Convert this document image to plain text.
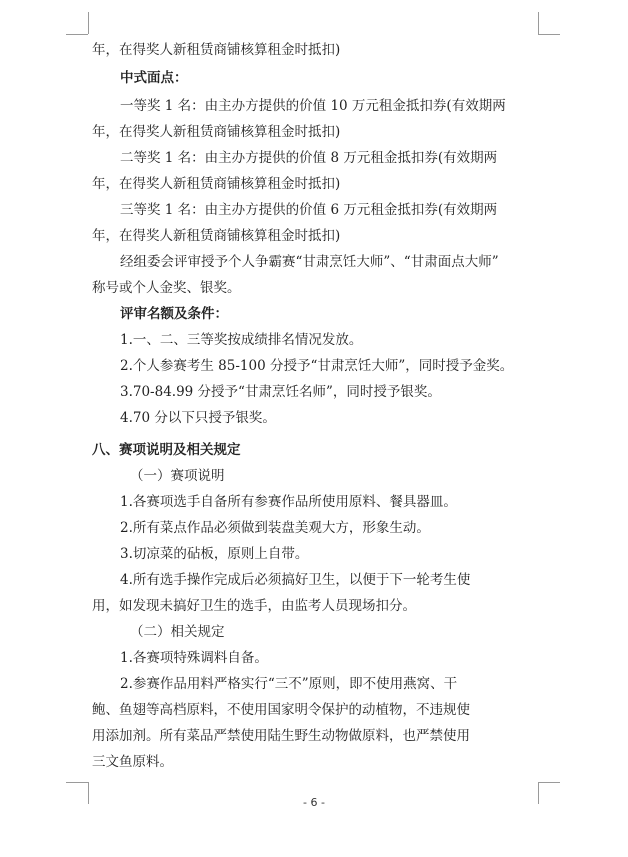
年，在得奖人新租赁商铺核算租金时抵扣)
中式面点：
一等奖 1 名：由主办方提供的价值 10 万元租金抵扣券(有效期两
年，在得奖人新租赁商铺核算租金时抵扣)
二等奖 1 名：由主办方提供的价值 8 万元租金抵扣券(有效期两
年，在得奖人新租赁商铺核算租金时抵扣)
三等奖 1 名：由主办方提供的价值 6 万元租金抵扣券(有效期两
年，在得奖人新租赁商铺核算租金时抵扣)
经组委会评审授予个人争霸赛“甘肃烹饪大师”、“甘肃面点大师”
称号或个人金奖、银奖。
评审名额及条件：
1.一、二、三等奖按成绩排名情况发放。
2.个人参赛考生 85-100 分授予“甘肃烹饪大师”，同时授予金奖。
3.70-84.99 分授予“甘肃烹饪名师”，同时授予银奖。
4.70 分以下只授予银奖。
八、赛项说明及相关规定
（一）赛项说明
1.各赛项选手自备所有参赛作品所使用原料、餐具器皿。
2.所有菜点作品必须做到装盘美观大方，形象生动。
3.切凉菜的砧板，原则上自带。
4.所有选手操作完成后必须搞好卫生，以便于下一轮考生使
用，如发现未搞好卫生的选手，由监考人员现场扣分。
（二）相关规定
1.各赛项特殊调料自备。
2.参赛作品用料严格实行“三不”原则，即不使用燕窝、干
鲍、鱼翅等高档原料，不使用国家明令保护的动植物，不违规使
用添加剂。所有菜品严禁使用陆生野生动物做原料，也严禁使用
三文鱼原料。
- 6 -
